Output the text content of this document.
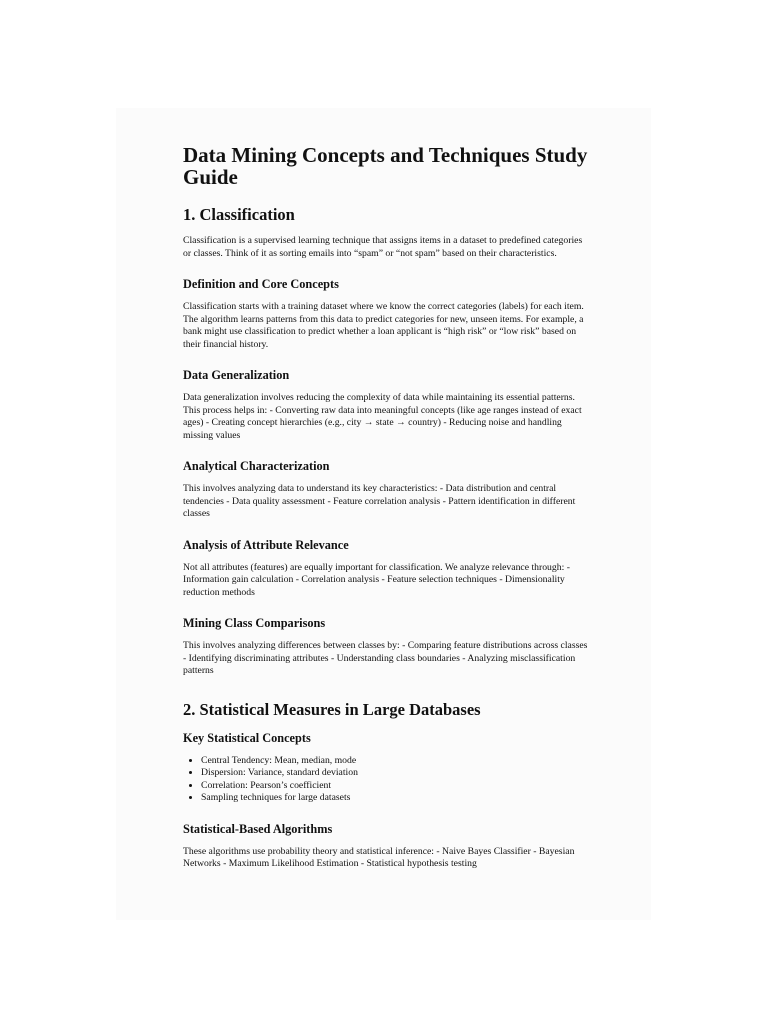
Data Mining Concepts and Techniques Study Guide
1. Classification

Classification is a supervised learning technique that assigns items in a dataset to predefined categories or classes. Think of it as sorting emails into “spam” or “not spam” based on their characteristics.

Definition and Core Concepts

Classification starts with a training dataset where we know the correct categories (labels) for each item. The algorithm learns patterns from this data to predict categories for new, unseen items. For example, a bank might use classification to predict whether a loan applicant is “high risk” or “low risk” based on their financial history.

Data Generalization

Data generalization involves reducing the complexity of data while maintaining its essential patterns. This process helps in: - Converting raw data into meaningful concepts (like age ranges instead of exact ages) - Creating concept hierarchies (e.g., city → state → country) - Reducing noise and handling missing values

Analytical Characterization

This involves analyzing data to understand its key characteristics: - Data distribution and central tendencies - Data quality assessment - Feature correlation analysis - Pattern identification in different classes

Analysis of Attribute Relevance

Not all attributes (features) are equally important for classification. We analyze relevance through: - Information gain calculation - Correlation analysis - Feature selection techniques - Dimensionality reduction methods

Mining Class Comparisons

This involves analyzing differences between classes by: - Comparing feature distributions across classes - Identifying discriminating attributes - Understanding class boundaries - Analyzing misclassification patterns

2. Statistical Measures in Large Databases
Key Statistical Concepts
• Central Tendency: Mean, median, mode
• Dispersion: Variance, standard deviation
• Correlation: Pearson’s coefficient
• Sampling techniques for large datasets
Statistical-Based Algorithms

These algorithms use probability theory and statistical inference: - Naive Bayes Classifier - Bayesian Networks - Maximum Likelihood Estimation - Statistical hypothesis testing
